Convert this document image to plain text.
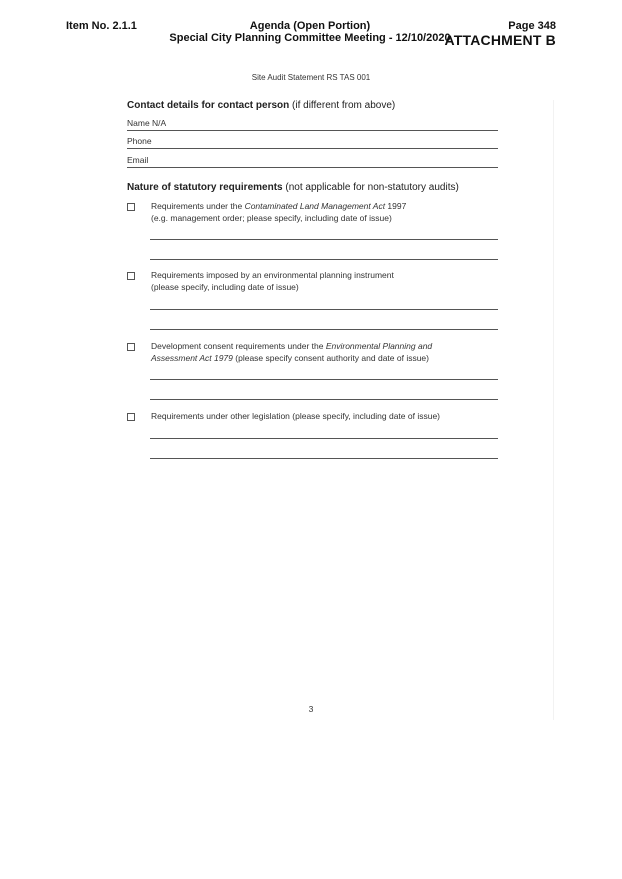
Item No. 2.1.1	Agenda (Open Portion)
Special City Planning Committee Meeting - 12/10/2020
Page 348
ATTACHMENT B
Site Audit Statement RS TAS 001
Contact details for contact person (if different from above)
Name N/A
Phone
Email
Nature of statutory requirements (not applicable for non-statutory audits)
Requirements under the Contaminated Land Management Act 1997
(e.g. management order; please specify, including date of issue)
Requirements imposed by an environmental planning instrument
(please specify, including date of issue)
Development consent requirements under the Environmental Planning and
Assessment Act 1979 (please specify consent authority and date of issue)
Requirements under other legislation (please specify, including date of issue)
3
